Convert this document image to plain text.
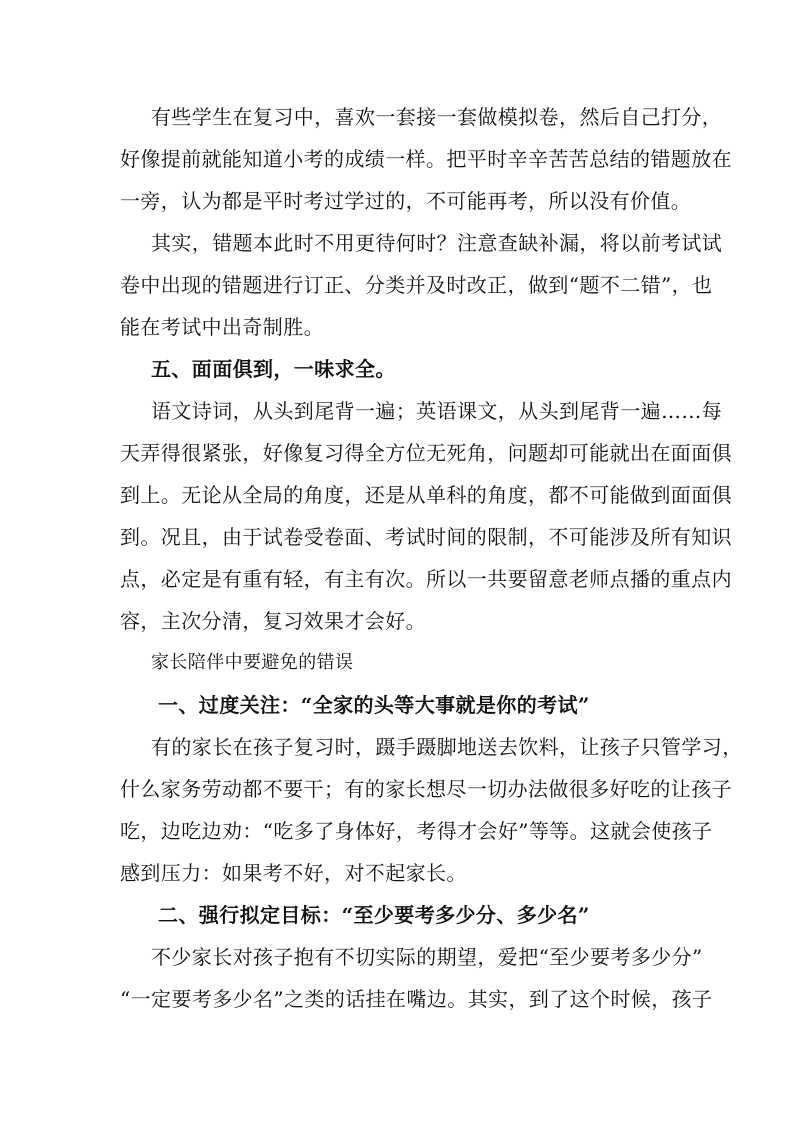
有些学生在复习中，喜欢一套接一套做模拟卷，然后自己打分，
好像提前就能知道小考的成绩一样。把平时辛辛苦苦总结的错题放在
一旁，认为都是平时考过学过的，不可能再考，所以没有价值。
其实，错题本此时不用更待何时？注意查缺补漏，将以前考试试
卷中出现的错题进行订正、分类并及时改正，做到“题不二错”，也
能在考试中出奇制胜。
五、面面俱到，一味求全。
语文诗词，从头到尾背一遍；英语课文，从头到尾背一遍……每
天弄得很紧张，好像复习得全方位无死角，问题却可能就出在面面俱
到上。无论从全局的角度，还是从单科的角度，都不可能做到面面俱
到。况且，由于试卷受卷面、考试时间的限制，不可能涉及所有知识
点，必定是有重有轻，有主有次。所以一共要留意老师点播的重点内
容，主次分清，复习效果才会好。
家长陪伴中要避免的错误
一、过度关注：“全家的头等大事就是你的考试”
有的家长在孩子复习时，蹑手蹑脚地送去饮料，让孩子只管学习，
什么家务劳动都不要干；有的家长想尽一切办法做很多好吃的让孩子
吃，边吃边劝：“吃多了身体好，考得才会好”等等。这就会使孩子
感到压力：如果考不好，对不起家长。
二、强行拟定目标：“至少要考多少分、多少名”
不少家长对孩子抱有不切实际的期望，爱把“至少要考多少分”
“一定要考多少名”之类的话挂在嘴边。其实，到了这个时候，孩子
